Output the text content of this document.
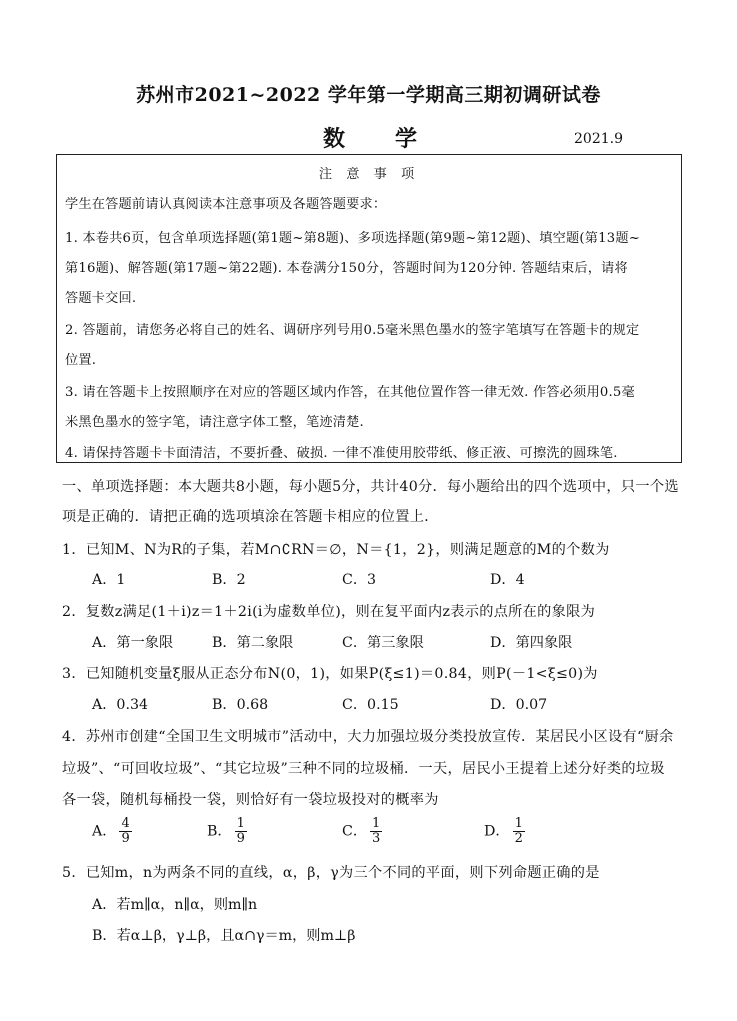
苏州市2021~2022 学年第一学期高三期初调研试卷
数　学	2021.9
注 意 事 项
学生在答题前请认真阅读本注意事项及各题答题要求：
1. 本卷共6页，包含单项选择题(第1题~第8题)、多项选择题(第9题~第12题)、填空题(第13题~
第16题)、解答题(第17题~第22题). 本卷满分150分，答题时间为120分钟. 答题结束后，请将
答题卡交回.
2. 答题前，请您务必将自己的姓名、调研序列号用0.5毫米黑色墨水的签字笔填写在答题卡的规定
位置.
3. 请在答题卡上按照顺序在对应的答题区域内作答，在其他位置作答一律无效. 作答必须用0.5毫
米黑色墨水的签字笔，请注意字体工整，笔迹清楚.
4. 请保持答题卡卡面清洁，不要折叠、破损. 一律不准使用胶带纸、修正液、可擦洗的圆珠笔.
一、单项选择题：本大题共8小题，每小题5分，共计40分．每小题给出的四个选项中，只一个选
项是正确的．请把正确的选项填涂在答题卡相应的位置上．
1．已知M、N为R的子集，若M∩∁RN＝∅，N＝{1，2}，则满足题意的M的个数为
A．1	B．2	C．3	D．4
2．复数z满足(1＋i)z＝1＋2i(i为虚数单位)，则在复平面内z表示的点所在的象限为
A．第一象限	B．第二象限	C．第三象限	D．第四象限
3．已知随机变量ξ服从正态分布N(0，1)，如果P(ξ≤1)＝0.84，则P(－1<ξ≤0)为
A．0.34	B．0.68	C．0.15	D．0.07
4．苏州市创建“全国卫生文明城市”活动中，大力加强垃圾分类投放宣传．某居民小区设有“厨余
垃圾”、“可回收垃圾”、“其它垃圾”三种不同的垃圾桶．一天，居民小王提着上述分好类的垃圾
各一袋，随机每桶投一袋，则恰好有一袋垃圾投对的概率为
A． $\frac{4}{9}$	B． $\frac{1}{9}$	C． $\frac{1}{3}$	D． $\frac{1}{2}$
5．已知m，n为两条不同的直线，α，β，γ为三个不同的平面，则下列命题正确的是
A．若m∥α，n∥α，则m∥n
B．若α⊥β，γ⊥β，且α∩γ＝m，则m⊥β
